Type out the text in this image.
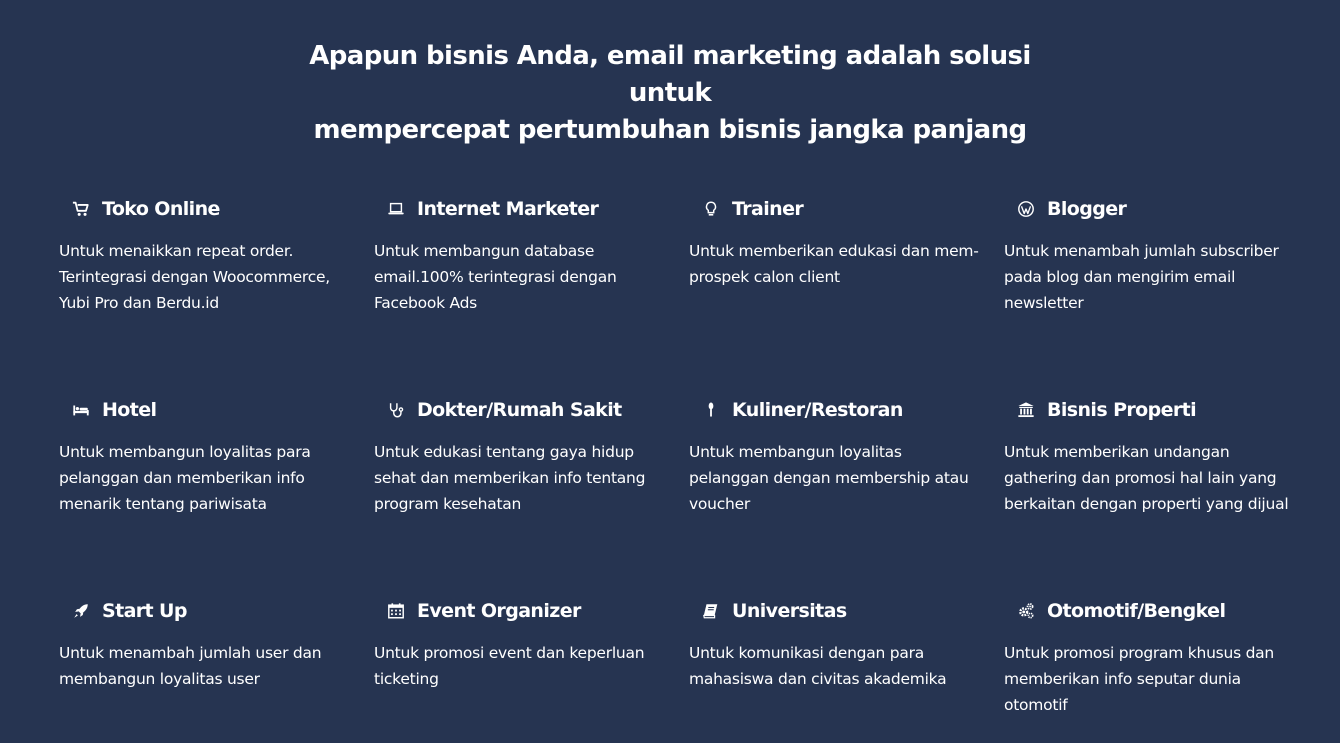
Apapun bisnis Anda, email marketing adalah solusi untuk
mempercepat pertumbuhan bisnis jangka panjang
Toko Online
Untuk menaikkan repeat order. Terintegrasi dengan Woocommerce, Yubi Pro dan Berdu.id
Internet Marketer
Untuk membangun database email.100% terintegrasi dengan Facebook Ads
Trainer
Untuk memberikan edukasi dan mem-prospek calon client
Blogger
Untuk menambah jumlah subscriber pada blog dan mengirim email newsletter
Hotel
Untuk membangun loyalitas para pelanggan dan memberikan info menarik tentang pariwisata
Dokter/Rumah Sakit
Untuk edukasi tentang gaya hidup sehat dan memberikan info tentang program kesehatan
Kuliner/Restoran
Untuk membangun loyalitas pelanggan dengan membership atau voucher
Bisnis Properti
Untuk memberikan undangan gathering dan promosi hal lain yang berkaitan dengan properti yang dijual
Start Up
Untuk menambah jumlah user dan membangun loyalitas user
Event Organizer
Untuk promosi event dan keperluan ticketing
Universitas
Untuk komunikasi dengan para mahasiswa dan civitas akademika
Otomotif/Bengkel
Untuk promosi program khusus dan memberikan info seputar dunia otomotif
